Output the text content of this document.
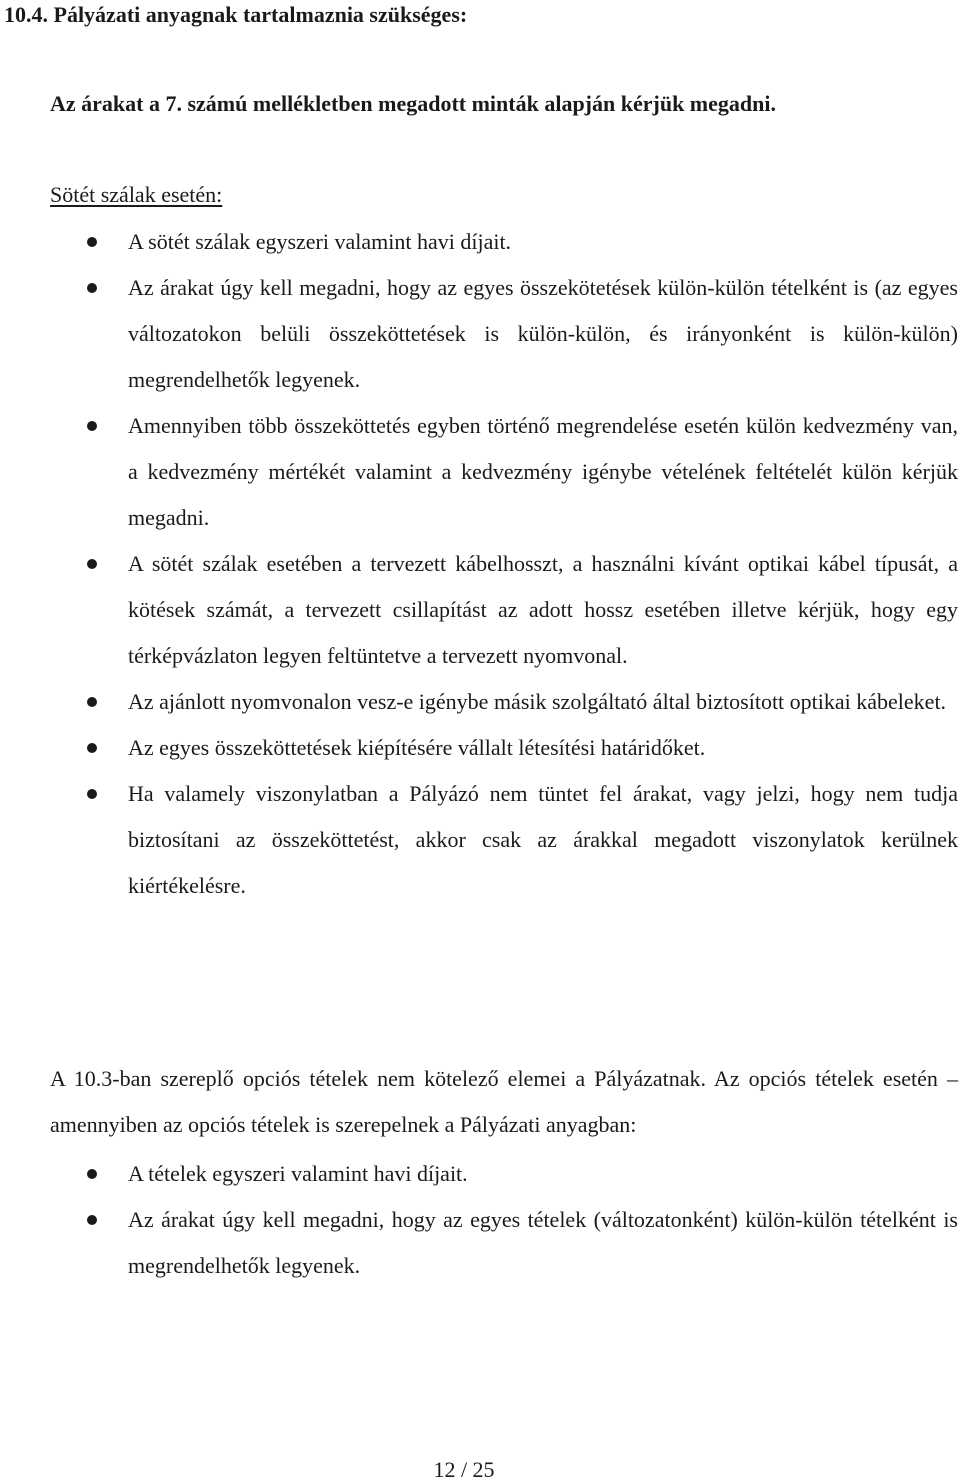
10.4. Pályázati anyagnak tartalmaznia szükséges:

Az árakat a 7. számú mellékletben megadott minták alapján kérjük megadni.

Sötét szálak esetén:

A sötét szálak egyszeri valamint havi díjait.
Az árakat úgy kell megadni, hogy az egyes összekötetések külön-külön tételként is (az egyes változatokon belüli összeköttetések is külön-külön, és irányonként is külön-külön) megrendelhetők legyenek.
Amennyiben több összeköttetés egyben történő megrendelése esetén külön kedvezmény van, a kedvezmény mértékét valamint a kedvezmény igénybe vételének feltételét külön kérjük megadni.
A sötét szálak esetében a tervezett kábelhosszt, a használni kívánt optikai kábel típusát, a kötések számát, a tervezett csillapítást az adott hossz esetében illetve kérjük, hogy egy térképvázlaton legyen feltüntetve a tervezett nyomvonal.
Az ajánlott nyomvonalon vesz-e igénybe másik szolgáltató által biztosított optikai kábeleket.
Az egyes összeköttetések kiépítésére vállalt létesítési határidőket.
Ha valamely viszonylatban a Pályázó nem tüntet fel árakat, vagy jelzi, hogy nem tudja biztosítani az összeköttetést, akkor csak az árakkal megadott viszonylatok kerülnek kiértékelésre.

A 10.3-ban szereplő opciós tételek nem kötelező elemei a Pályázatnak. Az opciós tételek esetén – amennyiben az opciós tételek is szerepelnek a Pályázati anyagban:

A tételek egyszeri valamint havi díjait.
Az árakat úgy kell megadni, hogy az egyes tételek (változatonként) külön-külön tételként is megrendelhetők legyenek.

12 / 25
